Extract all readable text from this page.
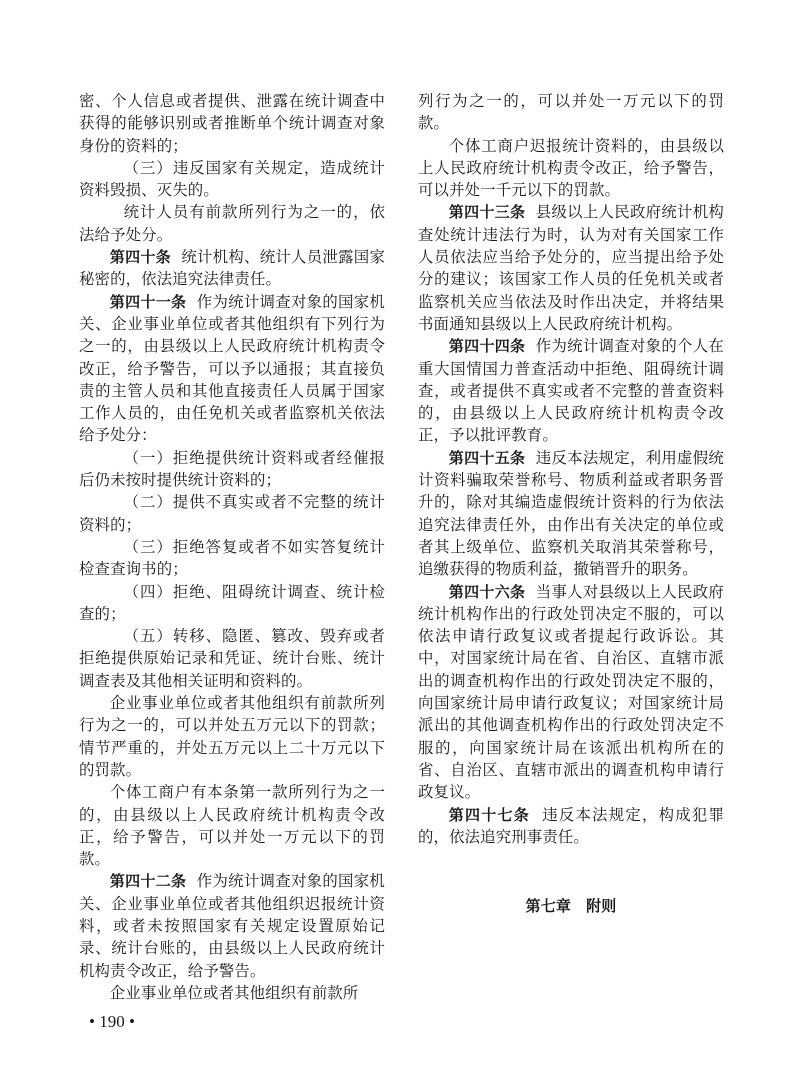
密、个人信息或者提供、泄露在统计调查中获得的能够识别或者推断单个统计调查对象身份的资料的；

（三）违反国家有关规定，造成统计资料毁损、灭失的。

统计人员有前款所列行为之一的，依法给予处分。

第四十条 统计机构、统计人员泄露国家秘密的，依法追究法律责任。

第四十一条 作为统计调查对象的国家机关、企业事业单位或者其他组织有下列行为之一的，由县级以上人民政府统计机构责令改正，给予警告，可以予以通报；其直接负责的主管人员和其他直接责任人员属于国家工作人员的，由任免机关或者监察机关依法给予处分：

（一）拒绝提供统计资料或者经催报后仍未按时提供统计资料的；

（二）提供不真实或者不完整的统计资料的；

（三）拒绝答复或者不如实答复统计检查查询书的；

（四）拒绝、阻碍统计调查、统计检查的；

（五）转移、隐匿、篡改、毁弃或者拒绝提供原始记录和凭证、统计台账、统计调查表及其他相关证明和资料的。

企业事业单位或者其他组织有前款所列行为之一的，可以并处五万元以下的罚款；情节严重的，并处五万元以上二十万元以下的罚款。

个体工商户有本条第一款所列行为之一的，由县级以上人民政府统计机构责令改正，给予警告，可以并处一万元以下的罚款。

第四十二条 作为统计调查对象的国家机关、企业事业单位或者其他组织迟报统计资料，或者未按照国家有关规定设置原始记录、统计台账的，由县级以上人民政府统计机构责令改正，给予警告。

企业事业单位或者其他组织有前款所

列行为之一的，可以并处一万元以下的罚款。

个体工商户迟报统计资料的，由县级以上人民政府统计机构责令改正，给予警告，可以并处一千元以下的罚款。

第四十三条 县级以上人民政府统计机构查处统计违法行为时，认为对有关国家工作人员依法应当给予处分的，应当提出给予处分的建议；该国家工作人员的任免机关或者监察机关应当依法及时作出决定，并将结果书面通知县级以上人民政府统计机构。

第四十四条 作为统计调查对象的个人在重大国情国力普查活动中拒绝、阻碍统计调查，或者提供不真实或者不完整的普查资料的，由县级以上人民政府统计机构责令改正，予以批评教育。

第四十五条 违反本法规定，利用虚假统计资料骗取荣誉称号、物质利益或者职务晋升的，除对其编造虚假统计资料的行为依法追究法律责任外，由作出有关决定的单位或者其上级单位、监察机关取消其荣誉称号，追缴获得的物质利益，撤销晋升的职务。

第四十六条 当事人对县级以上人民政府统计机构作出的行政处罚决定不服的，可以依法申请行政复议或者提起行政诉讼。其中，对国家统计局在省、自治区、直辖市派出的调查机构作出的行政处罚决定不服的，向国家统计局申请行政复议；对国家统计局派出的其他调查机构作出的行政处罚决定不服的，向国家统计局在该派出机构所在的省、自治区、直辖市派出的调查机构申请行政复议。

第四十七条 违反本法规定，构成犯罪的，依法追究刑事责任。

第七章　附则
• 190 •
